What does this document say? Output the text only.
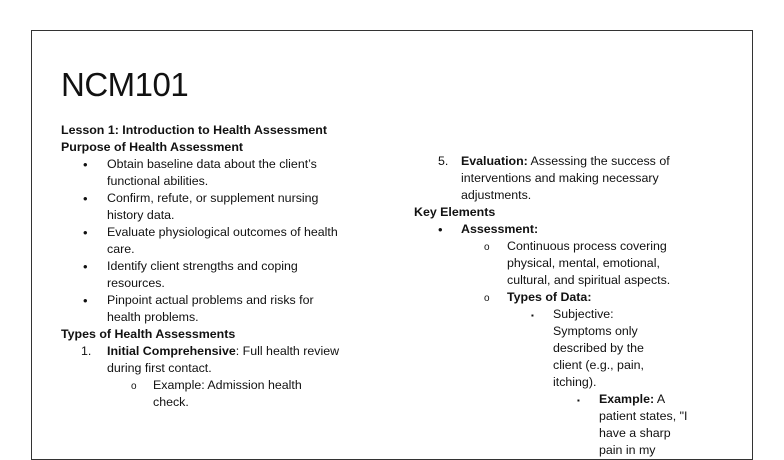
NCM101
Lesson 1: Introduction to Health Assessment
Purpose of Health Assessment
• Obtain baseline data about the client’s functional abilities.
• Confirm, refute, or supplement nursing history data.
• Evaluate physiological outcomes of health care.
• Identify client strengths and coping resources.
• Pinpoint actual problems and risks for health problems.
Types of Health Assessments
1. Initial Comprehensive: Full health review during first contact.
o Example: Admission health check.
5. Evaluation: Assessing the success of interventions and making necessary adjustments.
Key Elements
• Assessment:
o Continuous process covering physical, mental, emotional, cultural, and spiritual aspects.
o Types of Data:
▪ Subjective: Symptoms only described by the client (e.g., pain, itching).
▪ Example: A patient states, "I have a sharp pain in my
